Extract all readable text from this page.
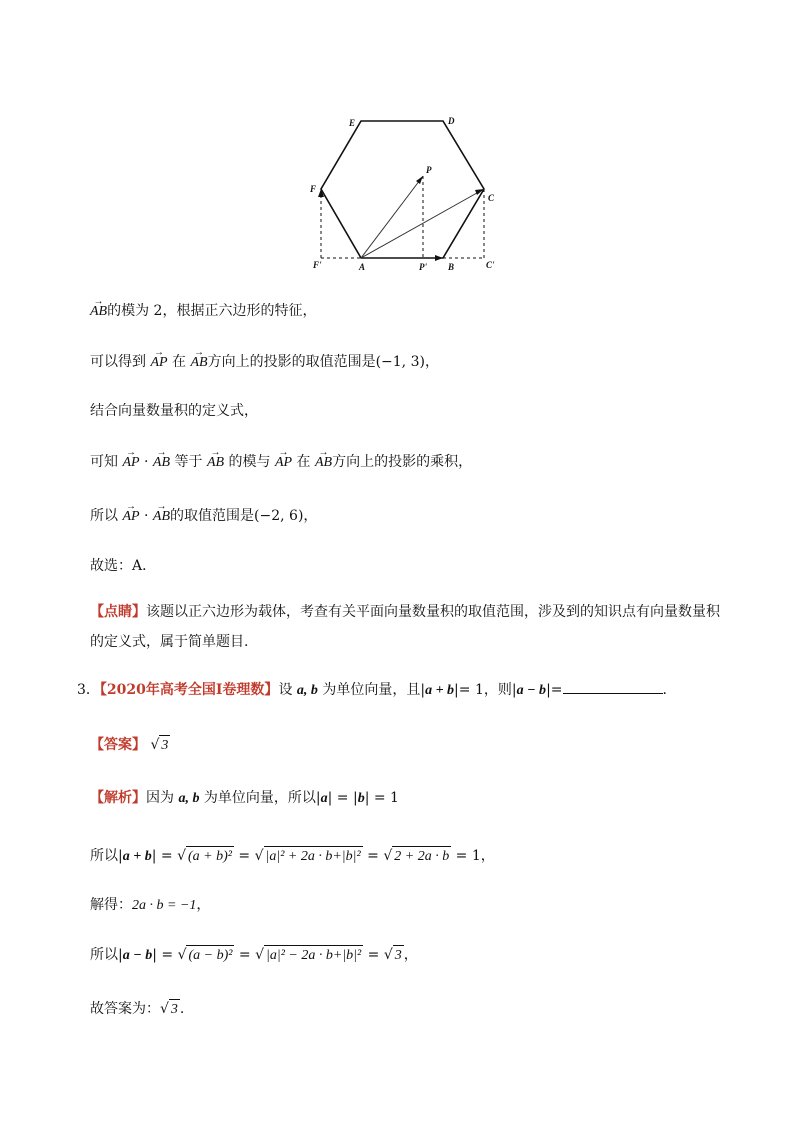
E	D
F
C
P
F'	A	P' B	C'
→ AB的模为 2，根据正六边形的特征，
可以得到 → AP 在 → AB方向上的投影的取值范围是(−1, 3)，
结合向量数量积的定义式，
可知 → AP · → AB 等于 → AB 的模与 → AP 在 → AB方向上的投影的乘积，
所以 → AP · → AB的取值范围是(−2, 6)，
故选：A．
【点睛】该题以正六边形为载体，考查有关平面向量数量积的取值范围，涉及到的知识点有向量数量积
的定义式，属于简单题目.
3．【2020年高考全国Ⅰ卷理数】设 a, b 为单位向量，且|a + b|= 1，则|a − b|=	.
【答案】 √ 3
【解析】因为 a, b 为单位向量，所以|a| = |b| = 1
所以|a + b| = √ (a + b)² = √ |a|² + 2a · b+|b|² = √ 2 + 2a · b = 1，
解得：2a · b = −1，
所以|a − b| = √ (a − b)² = √ |a|² − 2a · b+|b|² = √ 3 ，
故答案为：√ 3 .
